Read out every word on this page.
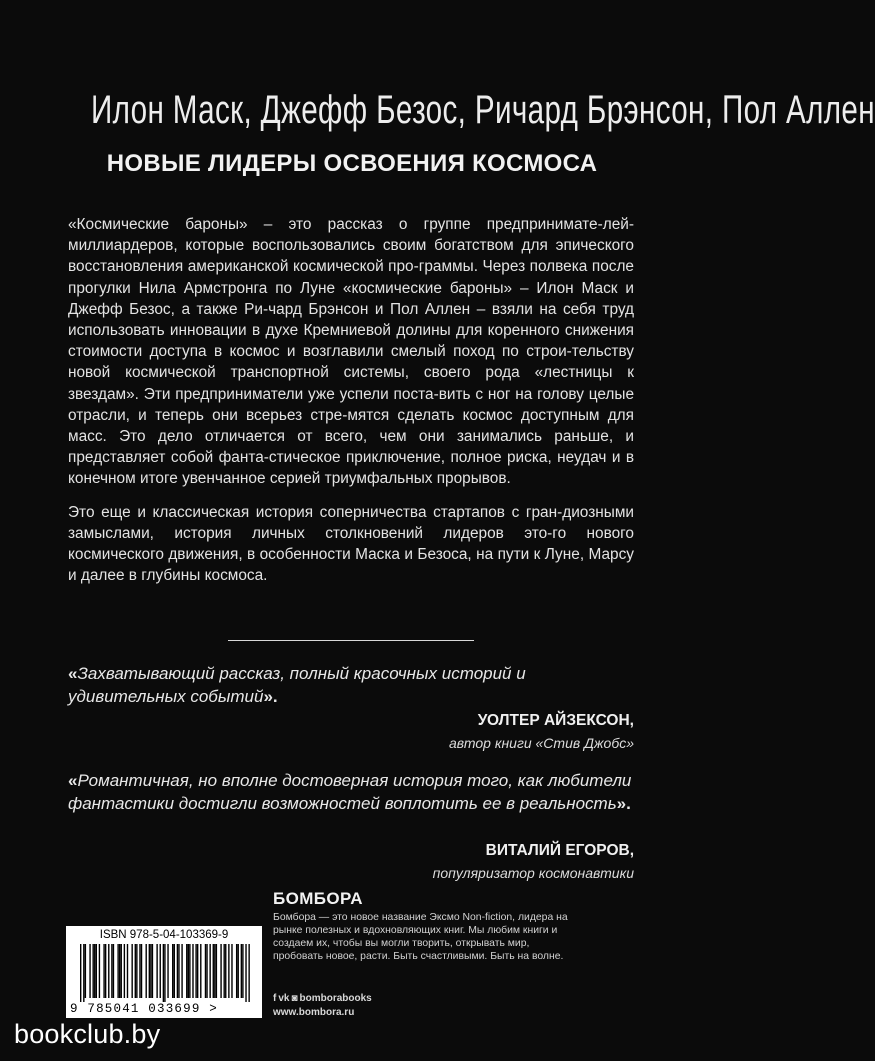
Илон Маск, Джефф Безос, Ричард Брэнсон, Пол Аллен
НОВЫЕ ЛИДЕРЫ ОСВОЕНИЯ КОСМОСА

«Космические бароны» – это рассказ о группе предпринимате-лей-миллиардеров, которые воспользовались своим богатством для эпического восстановления американской космической про-граммы. Через полвека после прогулки Нила Армстронга по Луне «космические бароны» – Илон Маск и Джефф Безос, а также Ри-чард Брэнсон и Пол Аллен – взяли на себя труд использовать инновации в духе Кремниевой долины для коренного снижения стоимости доступа в космос и возглавили смелый поход по строи-тельству новой космической транспортной системы, своего рода «лестницы к звездам». Эти предприниматели уже успели поста-вить с ног на голову целые отрасли, и теперь они всерьез стре-мятся сделать космос доступным для масс. Это дело отличается от всего, чем они занимались раньше, и представляет собой фанта-стическое приключение, полное риска, неудач и в конечном итоге увенчанное серией триумфальных прорывов.

Это еще и классическая история соперничества стартапов с гран-диозными замыслами, история личных столкновений лидеров это-го нового космического движения, в особенности Маска и Безоса, на пути к Луне, Марсу и далее в глубины космоса.

«Захватывающий рассказ, полный красочных историй и удивительных событий».
УОЛТЕР АЙЗЕКСОН,
автор книги «Стив Джобс»
«Романтичная, но вполне достоверная история того, как любители фантастики достигли возможностей воплотить ее в реальность».
ВИТАЛИЙ ЕГОРОВ,
популяризатор космонавтики
ISBN 978-5-04-103369-9
9 785041 033699 >
БОМБОРА
Бомбора — это новое название Эксмо Non-fiction, лидера на рынке полезных и вдохновляющих книг. Мы любим книги и создаем их, чтобы вы могли творить, открывать мир, пробовать новое, расти. Быть счастливыми. Быть на волне.
f vk ◙ bomborabooks
www.bombora.ru
bookclub.by
